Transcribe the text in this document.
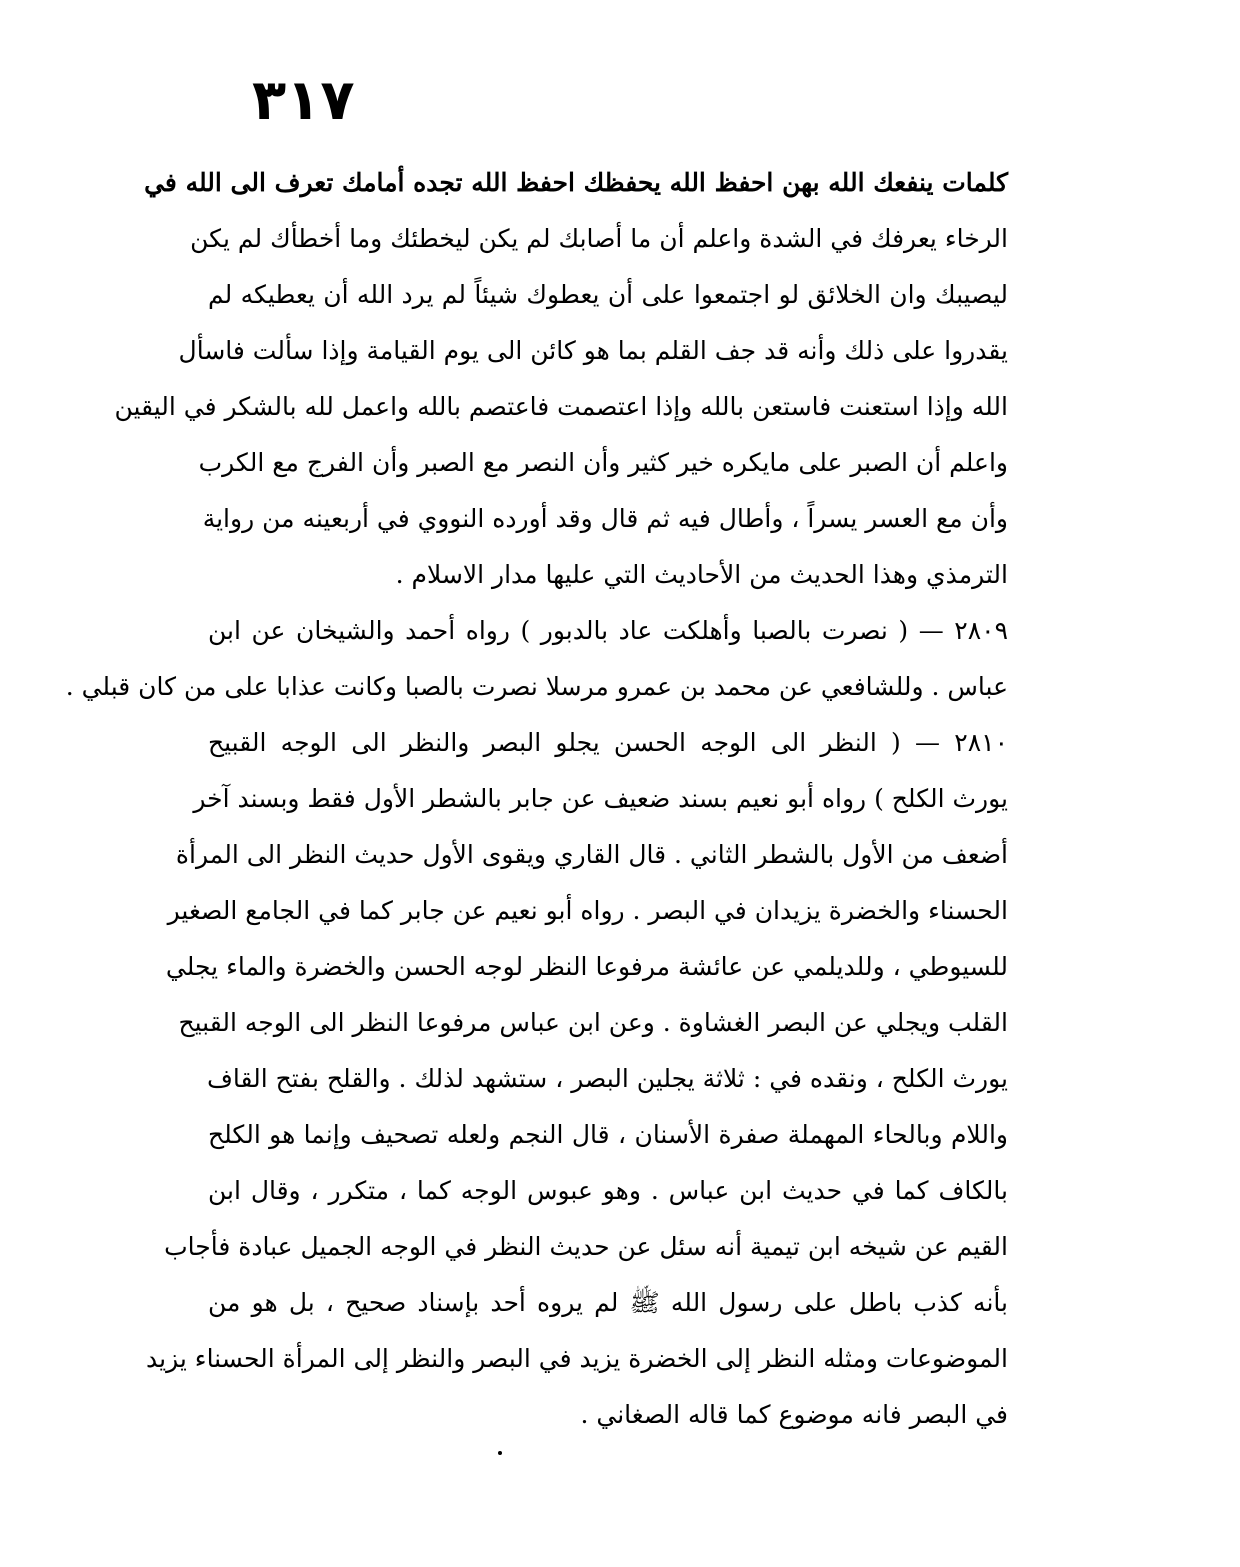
٣١٧
كلمات ينفعك الله بهن احفظ الله يحفظك احفظ الله تجده أمامك تعرف الى الله في
الرخاء يعرفك في الشدة واعلم أن ما أصابك لم يكن ليخطئك وما أخطأك لم يكن
ليصيبك وان الخلائق لو اجتمعوا على أن يعطوك شيئاً لم يرد الله أن يعطيكه لم
يقدروا على ذلك وأنه قد جف القلم بما هو كائن الى يوم القيامة وإذا سألت فاسأل
الله وإذا استعنت فاستعن بالله وإذا اعتصمت فاعتصم بالله واعمل لله بالشكر في اليقين
واعلم أن الصبر على مايكره خير كثير وأن النصر مع الصبر وأن الفرج مع الكرب
وأن مع العسر يسراً ، وأطال فيه ثم قال وقد أورده النووي في أربعينه من رواية
الترمذي وهذا الحديث من الأحاديث التي عليها مدار الاسلام .
٢٨٠٩ — ( نصرت بالصبا وأهلكت عاد بالدبور ) رواه أحمد والشيخان عن ابن
عباس . وللشافعي عن محمد بن عمرو مرسلا نصرت بالصبا وكانت عذابا على من كان قبلي .
٢٨١٠ — ( النظر الى الوجه الحسن يجلو البصر والنظر الى الوجه القبيح
يورث الكلح ) رواه أبو نعيم بسند ضعيف عن جابر بالشطر الأول فقط وبسند آخر
أضعف من الأول بالشطر الثاني . قال القاري ويقوى الأول حديث النظر الى المرأة
الحسناء والخضرة يزيدان في البصر . رواه أبو نعيم عن جابر كما في الجامع الصغير
للسيوطي ، وللديلمي عن عائشة مرفوعا النظر لوجه الحسن والخضرة والماء يجلي
القلب ويجلي عن البصر الغشاوة . وعن ابن عباس مرفوعا النظر الى الوجه القبيح
يورث الكلح ، ونقده في : ثلاثة يجلين البصر ، ستشهد لذلك . والقلح بفتح القاف
واللام وبالحاء المهملة صفرة الأسنان ، قال النجم ولعله تصحيف وإنما هو الكلح
بالكاف كما في حديث ابن عباس . وهو عبوس الوجه كما ، متكرر ، وقال ابن
القيم عن شيخه ابن تيمية أنه سئل عن حديث النظر في الوجه الجميل عبادة فأجاب
بأنه كذب باطل على رسول الله ﷺ لم يروه أحد بإسناد صحيح ، بل هو من
الموضوعات ومثله النظر إلى الخضرة يزيد في البصر والنظر إلى المرأة الحسناء يزيد
في البصر فانه موضوع كما قاله الصغاني .
